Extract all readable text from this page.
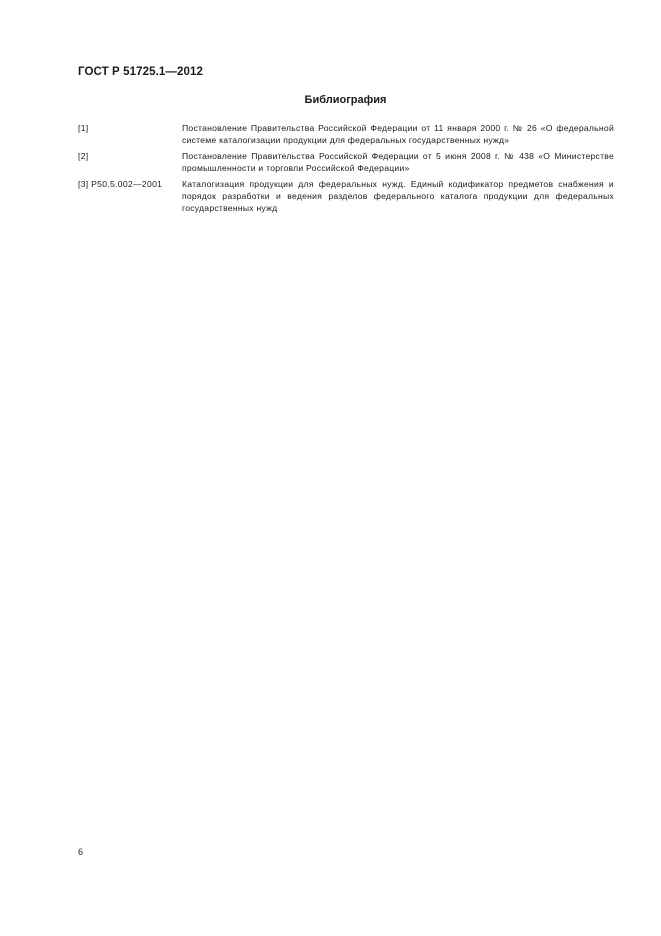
ГОСТ Р 51725.1—2012
Библиография
[1]	Постановление Правительства Российской Федерации от 11 января 2000 г. № 26 «О федеральной системе каталогизации продукции для федеральных государственных нужд»
[2]	Постановление Правительства Российской Федерации от 5 июня 2008 г. № 438 «О Министерстве промышленности и торговли Российской Федерации»
[3] Р50.5.002—2001	Каталогизация продукции для федеральных нужд. Единый кодификатор предметов снабжения и порядок разработки и ведения разделов федерального каталога продукции для федеральных государственных нужд
6
